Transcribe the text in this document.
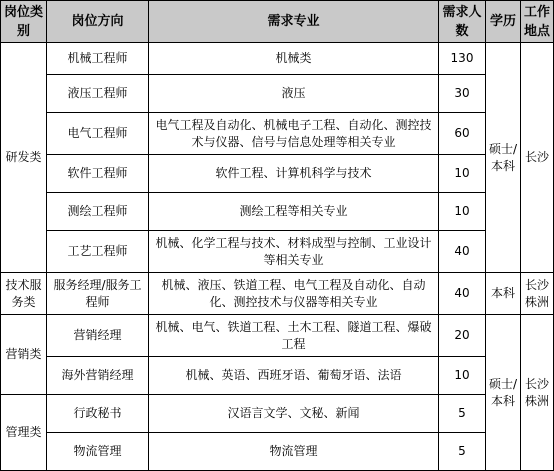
岗位类别	岗位方向	需求专业	需求人数	学历	工作地点
研发类	机械工程师	机械类	130	硕士/本科	长沙
	液压工程师	液压	30		
	电气工程师	电气工程及自动化、机械电子工程、自动化、测控技术与仪器、信号与信息处理等相关专业	60		
	软件工程师	软件工程、计算机科学与技术	10		
	测绘工程师	测绘工程等相关专业	10		
	工艺工程师	机械、化学工程与技术、材料成型与控制、工业设计等相关专业	40		
技术服务类	服务经理/服务工程师	机械、液压、铁道工程、电气工程及自动化、自动化、测控技术与仪器等相关专业	40	本科	长沙株洲
营销类	营销经理	机械、电气、铁道工程、土木工程、隧道工程、爆破工程	20	硕士/本科	长沙株洲
	海外营销经理	机械、英语、西班牙语、葡萄牙语、法语	10		
管理类	行政秘书	汉语言文学、文秘、新闻	5		
	物流管理	物流管理	5		
